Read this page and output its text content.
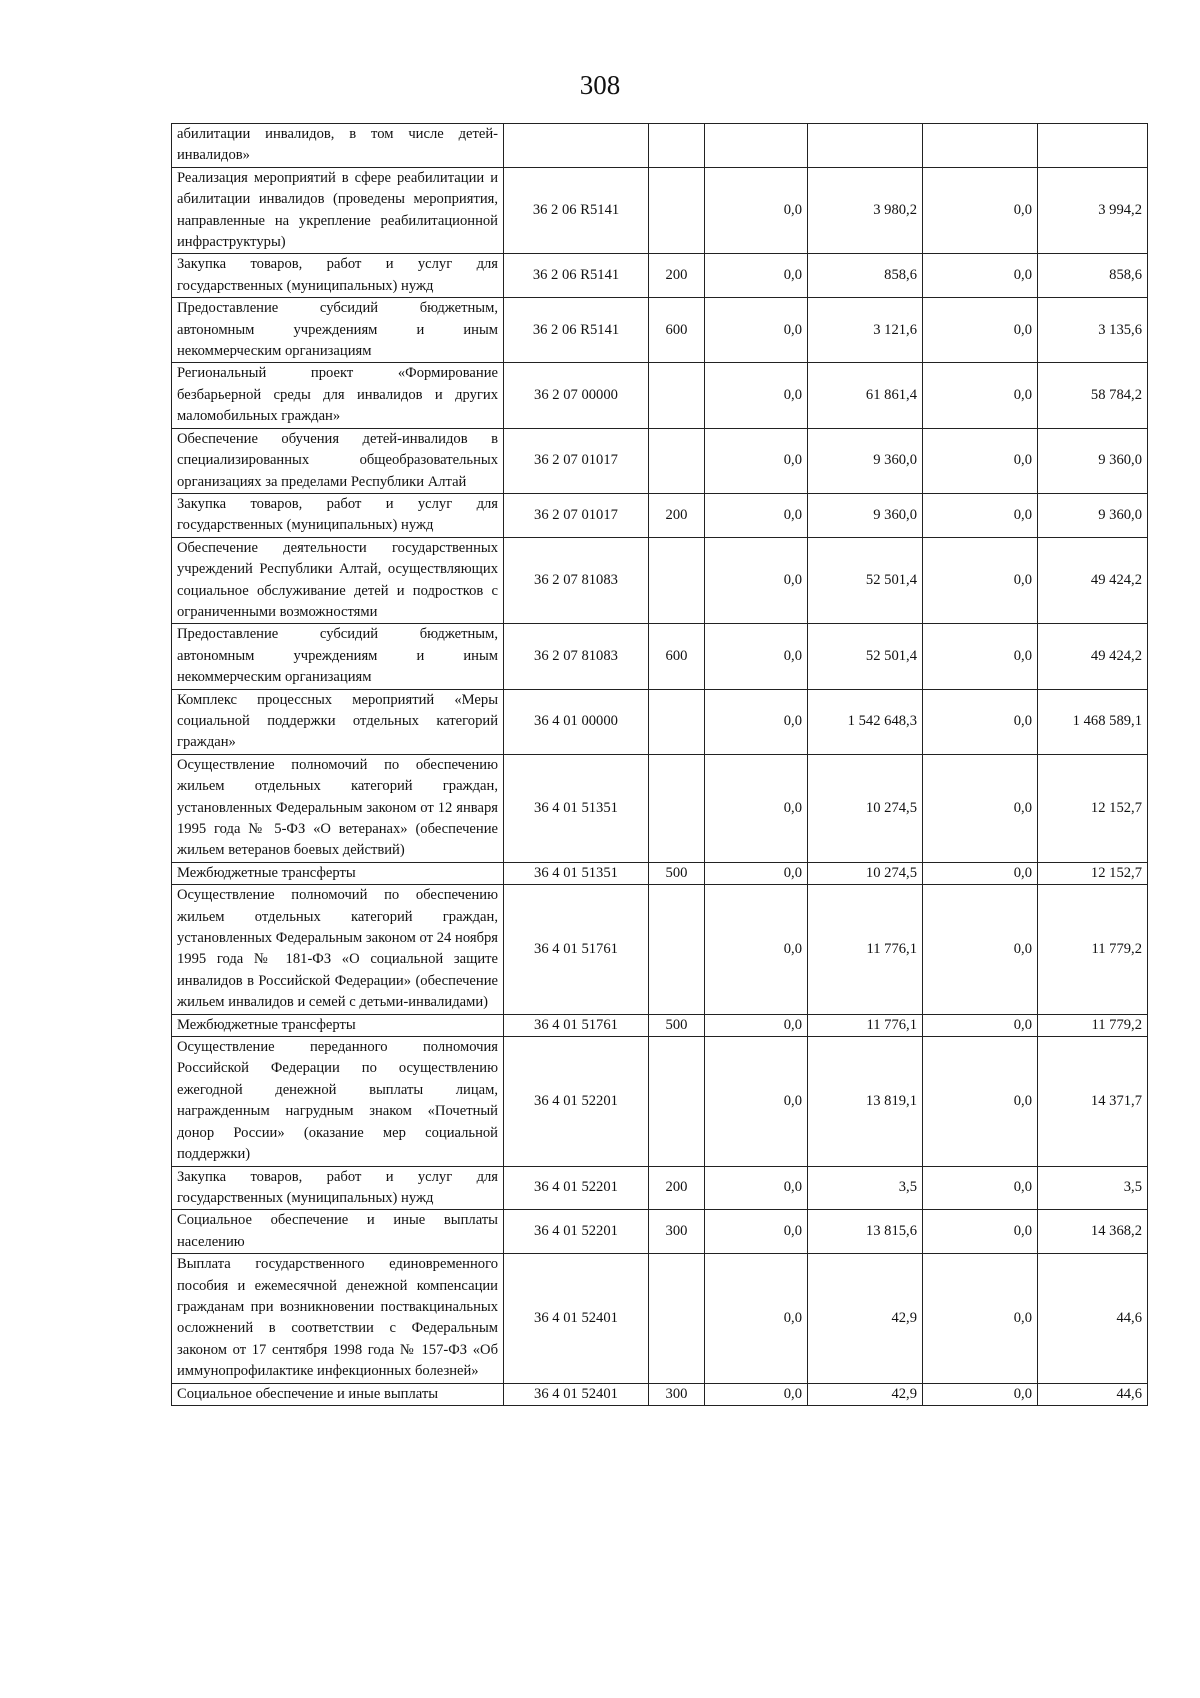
308
абилитации инвалидов, в том числе детей-инвалидов»						
Реализация мероприятий в сфере реабилитации и абилитации инвалидов (проведены мероприятия, направленные на укрепление реабилитационной инфраструктуры)	36 2 06 R5141		0,0	3 980,2	0,0	3 994,2
Закупка товаров, работ и услуг для государственных (муниципальных) нужд	36 2 06 R5141	200	0,0	858,6	0,0	858,6
Предоставление субсидий бюджетным, автономным учреждениям и иным некоммерческим организациям	36 2 06 R5141	600	0,0	3 121,6	0,0	3 135,6
Региональный проект «Формирование безбарьерной среды для инвалидов и других маломобильных граждан»	36 2 07 00000		0,0	61 861,4	0,0	58 784,2
Обеспечение обучения детей-инвалидов в специализированных общеобразовательных организациях за пределами Республики Алтай	36 2 07 01017		0,0	9 360,0	0,0	9 360,0
Закупка товаров, работ и услуг для государственных (муниципальных) нужд	36 2 07 01017	200	0,0	9 360,0	0,0	9 360,0
Обеспечение деятельности государственных учреждений Республики Алтай, осуществляющих социальное обслуживание детей и подростков с ограниченными возможностями	36 2 07 81083		0,0	52 501,4	0,0	49 424,2
Предоставление субсидий бюджетным, автономным учреждениям и иным некоммерческим организациям	36 2 07 81083	600	0,0	52 501,4	0,0	49 424,2
Комплекс процессных мероприятий «Меры социальной поддержки отдельных категорий граждан»	36 4 01 00000		0,0	1 542 648,3	0,0	1 468 589,1
Осуществление полномочий по обеспечению жильем отдельных категорий граждан, установленных Федеральным законом от 12 января 1995 года № 5-ФЗ «О ветеранах» (обеспечение жильем ветеранов боевых действий)	36 4 01 51351		0,0	10 274,5	0,0	12 152,7
Межбюджетные трансферты	36 4 01 51351	500	0,0	10 274,5	0,0	12 152,7
Осуществление полномочий по обеспечению жильем отдельных категорий граждан, установленных Федеральным законом от 24 ноября 1995 года № 181-ФЗ «О социальной защите инвалидов в Российской Федерации» (обеспечение жильем инвалидов и семей с детьми-инвалидами)	36 4 01 51761		0,0	11 776,1	0,0	11 779,2
Межбюджетные трансферты	36 4 01 51761	500	0,0	11 776,1	0,0	11 779,2
Осуществление переданного полномочия Российской Федерации по осуществлению ежегодной денежной выплаты лицам, награжденным нагрудным знаком «Почетный донор России» (оказание мер социальной поддержки)	36 4 01 52201		0,0	13 819,1	0,0	14 371,7
Закупка товаров, работ и услуг для государственных (муниципальных) нужд	36 4 01 52201	200	0,0	3,5	0,0	3,5
Социальное обеспечение и иные выплаты населению	36 4 01 52201	300	0,0	13 815,6	0,0	14 368,2
Выплата государственного единовременного пособия и ежемесячной денежной компенсации гражданам при возникновении поствакцинальных осложнений в соответствии с Федеральным законом от 17 сентября 1998 года № 157-ФЗ «Об иммунопрофилактике инфекционных болезней»	36 4 01 52401		0,0	42,9	0,0	44,6
Социальное обеспечение и иные выплаты	36 4 01 52401	300	0,0	42,9	0,0	44,6
